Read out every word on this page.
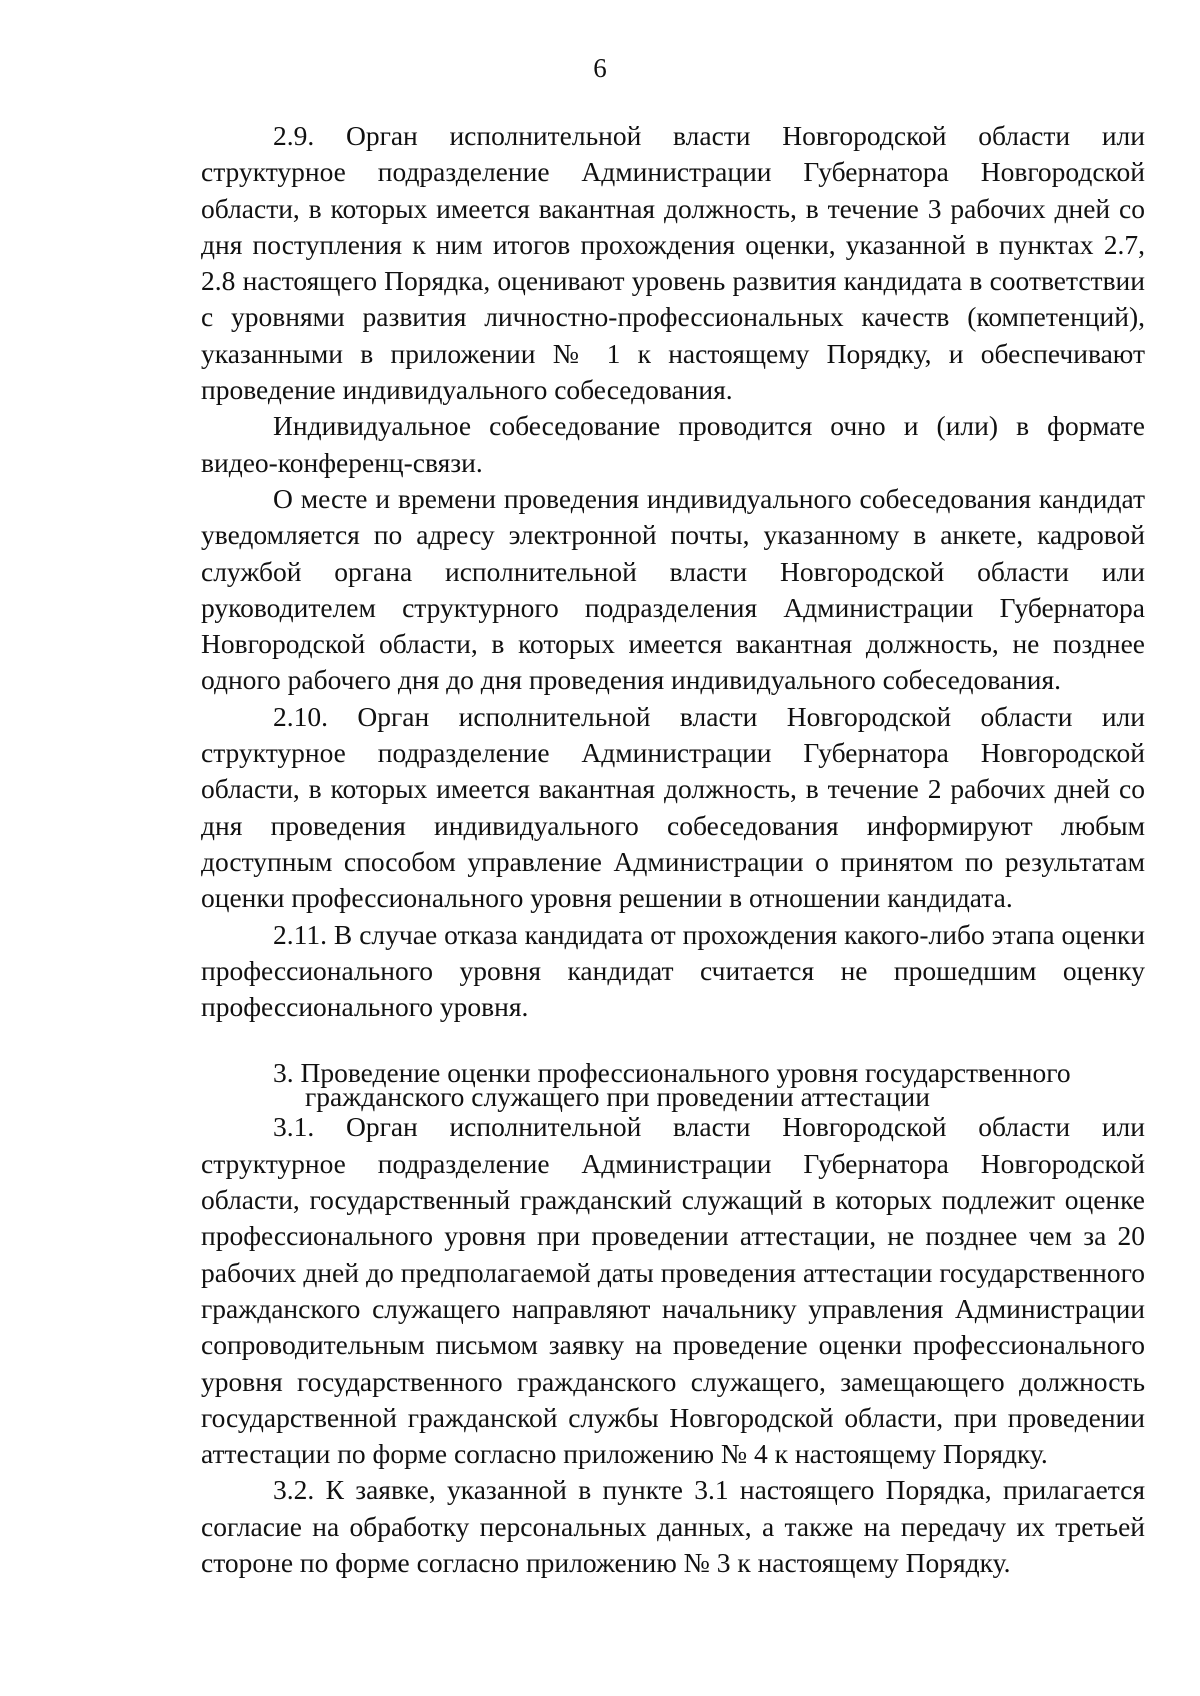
6

2.9. Орган исполнительной власти Новгородской области или структурное подразделение Администрации Губернатора Новгородской области, в которых имеется вакантная должность, в течение 3 рабочих дней со дня поступления к ним итогов прохождения оценки, указанной в пунктах 2.7, 2.8 настоящего Порядка, оценивают уровень развития кандидата в соответствии с уровнями развития личностно-профессиональных качеств (компетенций), указанными в приложении № 1 к настоящему Порядку, и обеспечивают проведение индивидуального собеседования.

Индивидуальное собеседование проводится очно и (или) в формате видео-конференц-связи.

О месте и времени проведения индивидуального собеседования кандидат уведомляется по адресу электронной почты, указанному в анкете, кадровой службой органа исполнительной власти Новгородской области или руководителем структурного подразделения Администрации Губернатора Новгородской области, в которых имеется вакантная должность, не позднее одного рабочего дня до дня проведения индивидуального собеседования.

2.10. Орган исполнительной власти Новгородской области или структурное подразделение Администрации Губернатора Новгородской области, в которых имеется вакантная должность, в течение 2 рабочих дней со дня проведения индивидуального собеседования информируют любым доступным способом управление Администрации о принятом по результатам оценки профессионального уровня решении в отношении кандидата.

2.11. В случае отказа кандидата от прохождения какого-либо этапа оценки профессионального уровня кандидат считается не прошедшим оценку профессионального уровня.

3. Проведение оценки профессионального уровня государственного
гражданского служащего при проведении аттестации

3.1. Орган исполнительной власти Новгородской области или структурное подразделение Администрации Губернатора Новгородской области, государственный гражданский служащий в которых подлежит оценке профессионального уровня при проведении аттестации, не позднее чем за 20 рабочих дней до предполагаемой даты проведения аттестации государственного гражданского служащего направляют начальнику управления Администрации сопроводительным письмом заявку на проведение оценки профессионального уровня государственного гражданского служащего, замещающего должность государственной гражданской службы Новгородской области, при проведении аттестации по форме согласно приложению № 4 к настоящему Порядку.

3.2. К заявке, указанной в пункте 3.1 настоящего Порядка, прилагается согласие на обработку персональных данных, а также на передачу их третьей стороне по форме согласно приложению № 3 к настоящему Порядку.
